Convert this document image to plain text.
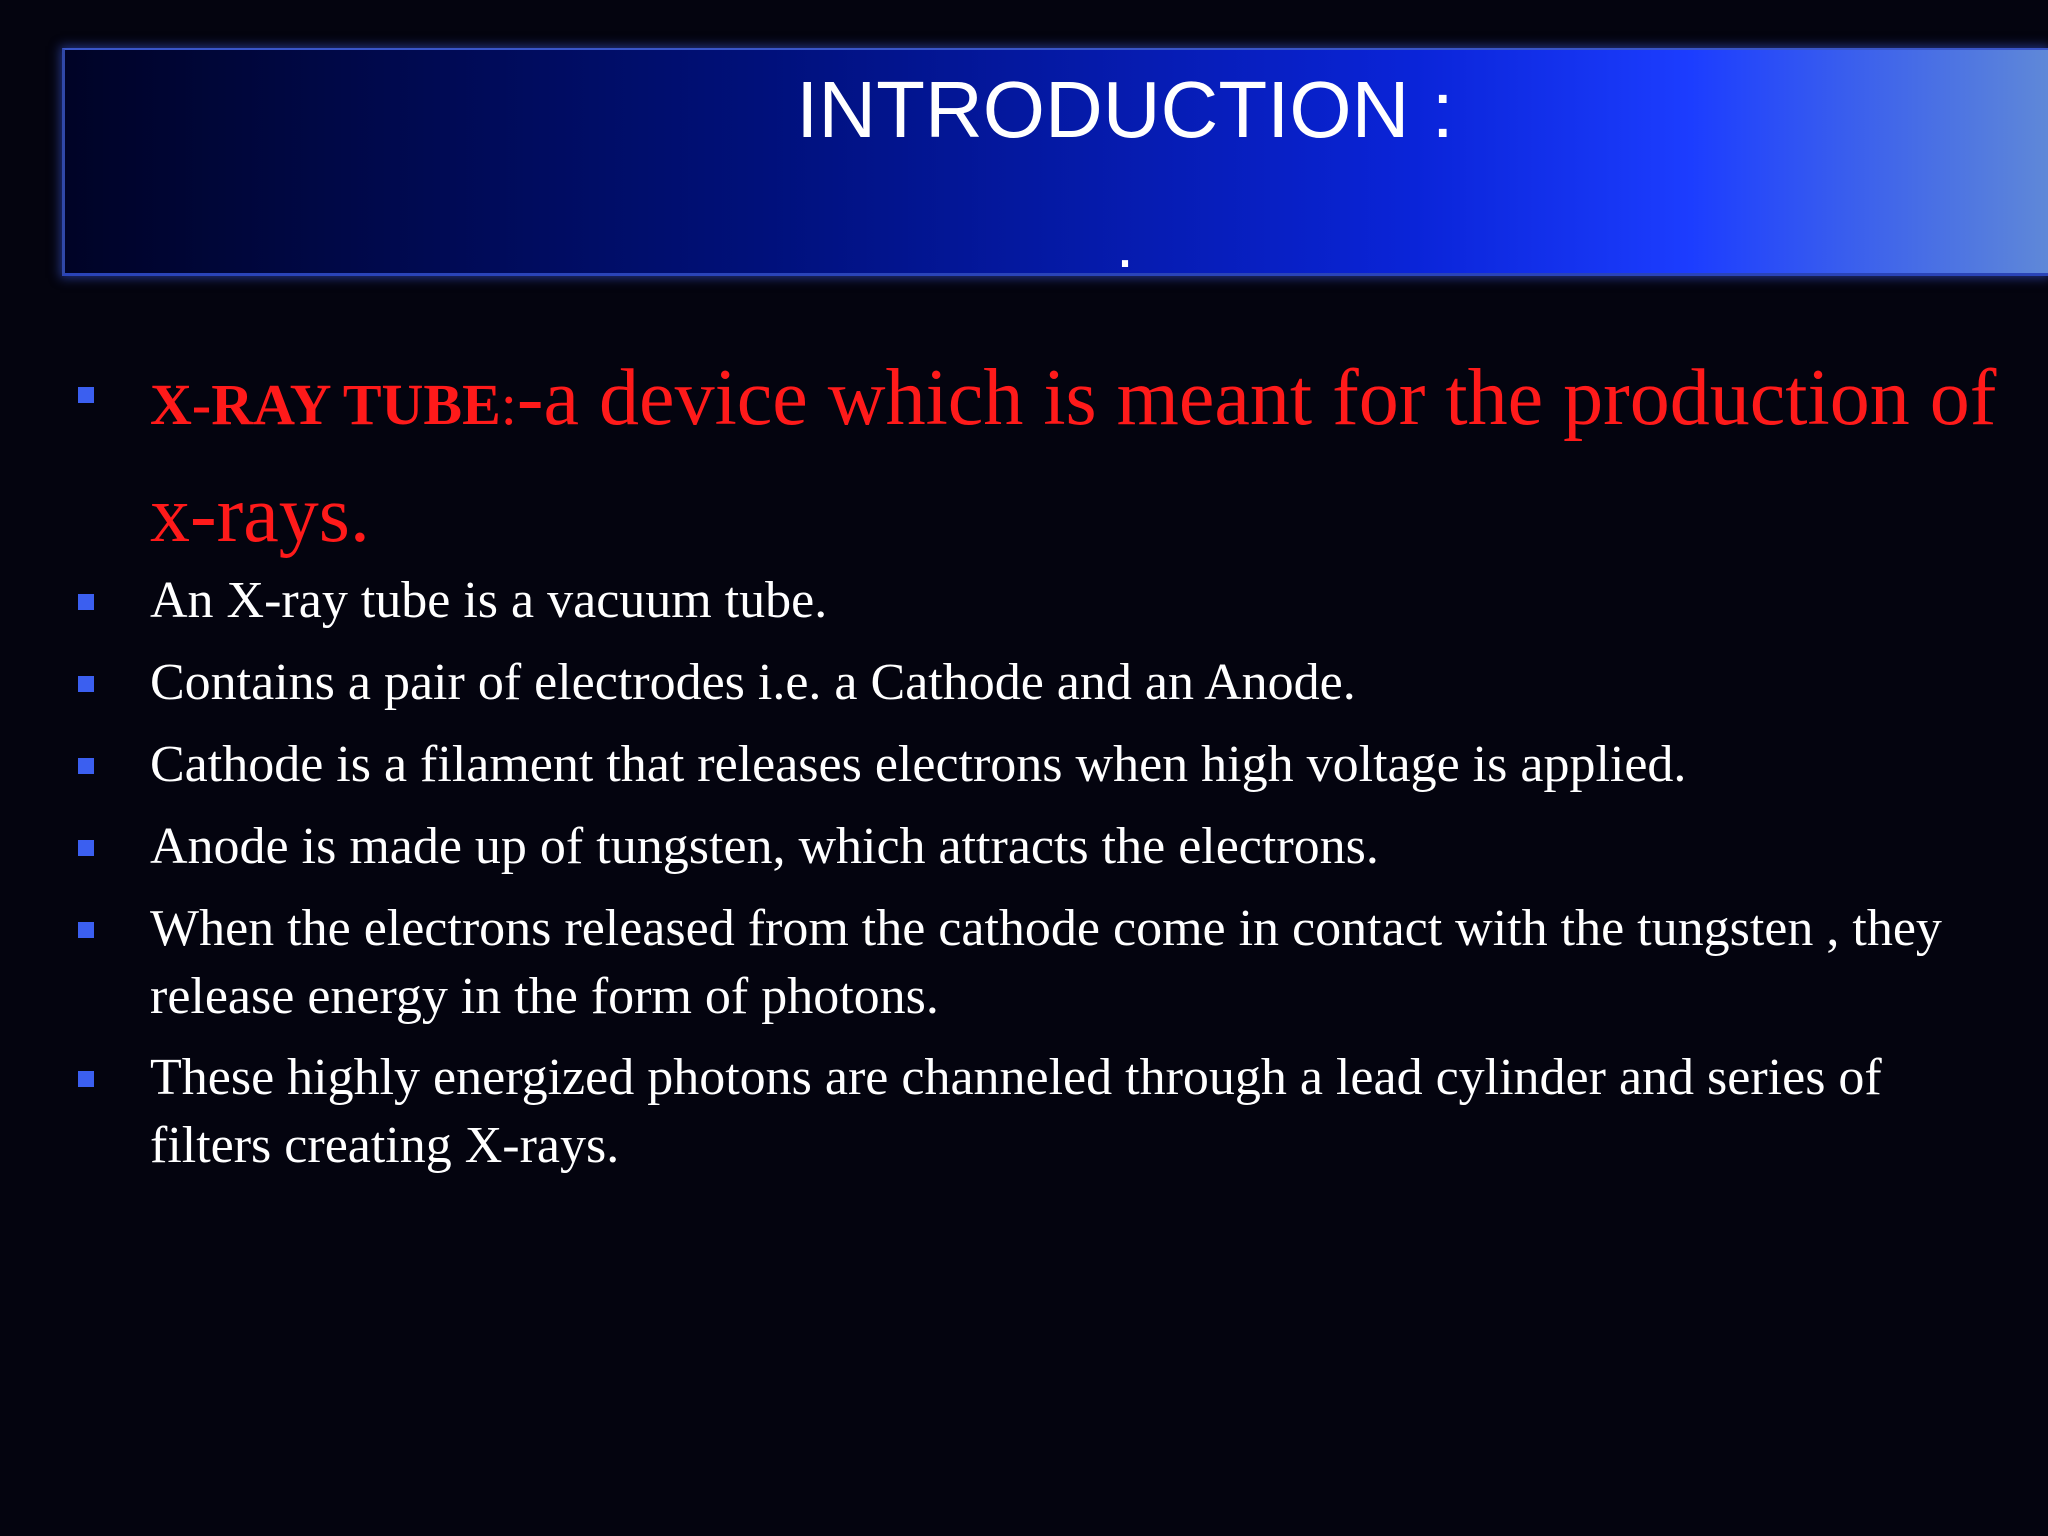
INTRODUCTION :
.
X-RAY TUBE:-a device which is meant for the production of x-rays.
An X-ray tube is a vacuum tube.
Contains a pair of electrodes i.e. a Cathode and an Anode.
Cathode is a filament that releases electrons when high voltage is applied.
Anode is made up of tungsten, which attracts the electrons.
When the electrons released from the cathode come in contact with the tungsten , they release energy in the form of photons.
These highly energized photons are channeled through a lead cylinder and series of filters creating X-rays.
